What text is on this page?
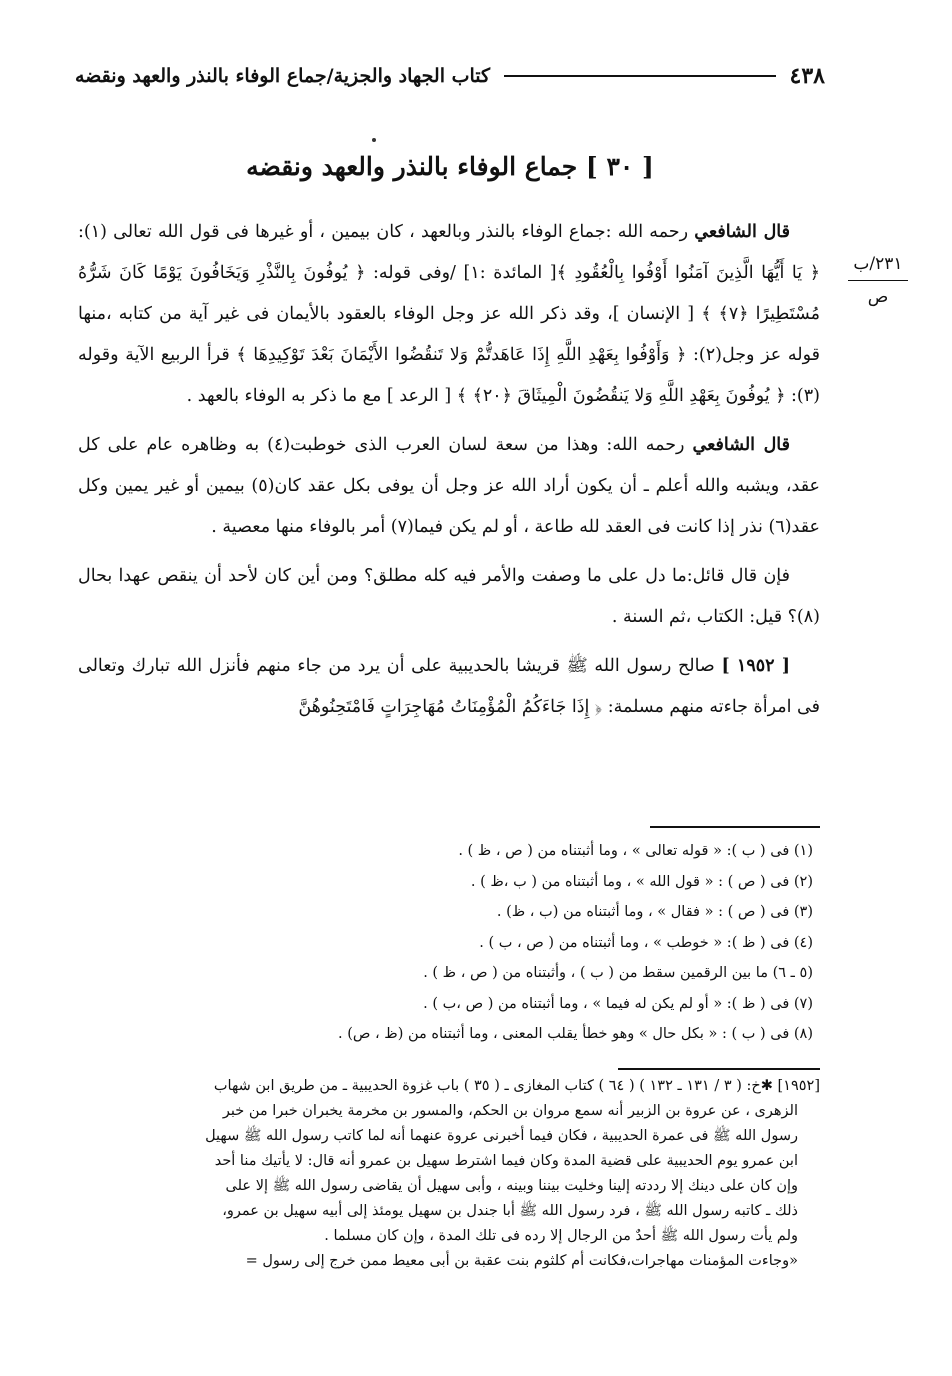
٤٣٨
كتاب الجهاد والجزية/جماع الوفاء بالنذر والعهد ونقضه
[ ٣٠ ] جماع الوفاء بالنذر والعهد ونقضه
٢٣١/ب
ص

قال الشافعي رحمه الله :جماع الوفاء بالنذر وبالعهد ، كان بيمين ، أو غيرها فى قول الله تعالى (١): ﴿ يَا أَيُّهَا الَّذِينَ آمَنُوا أَوْفُوا بِالْعُقُودِ ﴾[ المائدة :١] /وفى قوله: ﴿ يُوفُونَ بِالنَّذْرِ وَيَخَافُونَ يَوْمًا كَانَ شَرُّهُ مُسْتَطِيرًا ﴿٧﴾ ﴾ [ الإنسان ]، وقد ذكر الله عز وجل الوفاء بالعقود بالأيمان فى غير آية من كتابه ،منها قوله عز وجل(٢): ﴿ وَأَوْفُوا بِعَهْدِ اللَّهِ إِذَا عَاهَدتُّمْ وَلا تَنقُضُوا الأَيْمَانَ بَعْدَ تَوْكِيدِهَا ﴾ قرأ الربيع الآية وقوله (٣): ﴿ يُوفُونَ بِعَهْدِ اللَّهِ وَلا يَنقُضُونَ الْمِيثَاقَ ﴿٢٠﴾ ﴾ [ الرعد ] مع ما ذكر به الوفاء بالعهد .

قال الشافعي رحمه الله: وهذا من سعة لسان العرب الذى خوطبت(٤) به وظاهره عام على كل عقد، ويشبه والله أعلم ـ أن يكون أراد الله عز وجل أن يوفى بكل عقد كان(٥) بيمين أو غير يمين وكل عقد(٦) نذر إذا كانت فى العقد لله طاعة ، أو لم يكن فيما(٧) أمر بالوفاء منها معصية .

فإن قال قائل:ما دل على ما وصفت والأمر فيه كله مطلق؟ ومن أين كان لأحد أن ينقص عهدا بحال (٨)؟ قيل: الكتاب ،ثم السنة .

[ ١٩٥٢ ] صالح رسول الله ﷺ قريشا بالحديبية على أن يرد من جاء منهم فأنزل الله تبارك وتعالى فى امرأة جاءته منهم مسلمة: ﴿ إِذَا جَاءَكُمُ الْمُؤْمِنَاتُ مُهَاجِرَاتٍ فَامْتَحِنُوهُنَّ

(١) فى ( ب ): « قوله تعالى » ، وما أثبتناه من ( ص ، ظ ) .
(٢) فى ( ص ) : « قول الله » ، وما أثبتناه من ( ب ،ظ ) .
(٣) فى ( ص ) : « فقال » ، وما أثبتناه من (ب ، ظ) .
(٤) فى ( ظ ): « خوطب » ، وما أثبتناه من ( ص ، ب ) .
(٥ ـ ٦) ما بين الرقمين سقط من ( ب ) ، وأثبتناه من ( ص ، ظ ) .
(٧) فى ( ظ ): « أو لم يكن له فيما » ، وما أثبتناه من ( ص ،ب ) .
(٨) فى ( ب ) : « بكل حال » وهو خطأ يقلب المعنى ، وما أثبتناه من (ظ ، ص) .
[١٩٥٢] ✱خ: ( ٣ / ١٣١ ـ ١٣٢ ) ( ٦٤ ) كتاب المغازى ـ ( ٣٥ ) باب غزوة الحديبية ـ من طريق ابن شهاب
الزهرى ، عن عروة بن الزبير أنه سمع مروان بن الحكم، والمسور بن مخرمة يخبران خبرا من خبر
رسول الله ﷺ فى عمرة الحديبية ، فكان فيما أخبرنى عروة عنهما أنه لما كاتب رسول الله ﷺ سهيل
ابن عمرو يوم الحديبية على قضية المدة وكان فيما اشترط سهيل بن عمرو أنه قال: لا يأتيك منا أحد
وإن كان على دينك إلا رددته إلينا وخليت بيننا وبينه ، وأبى سهيل أن يقاضى رسول الله ﷺ إلا على
ذلك ـ كاتبه رسول الله ﷺ ، فرد رسول الله ﷺ أبا جندل بن سهيل يومئذ إلى أبيه سهيل بن عمرو،
ولم يأت رسول الله ﷺ أحدٌ من الرجال إلا رده فى تلك المدة ، وإن كان مسلما .
«وجاءت المؤمنات مهاجرات،فكانت أم كلثوم بنت عقبة بن أبى معيط ممن خرج إلى رسول =
